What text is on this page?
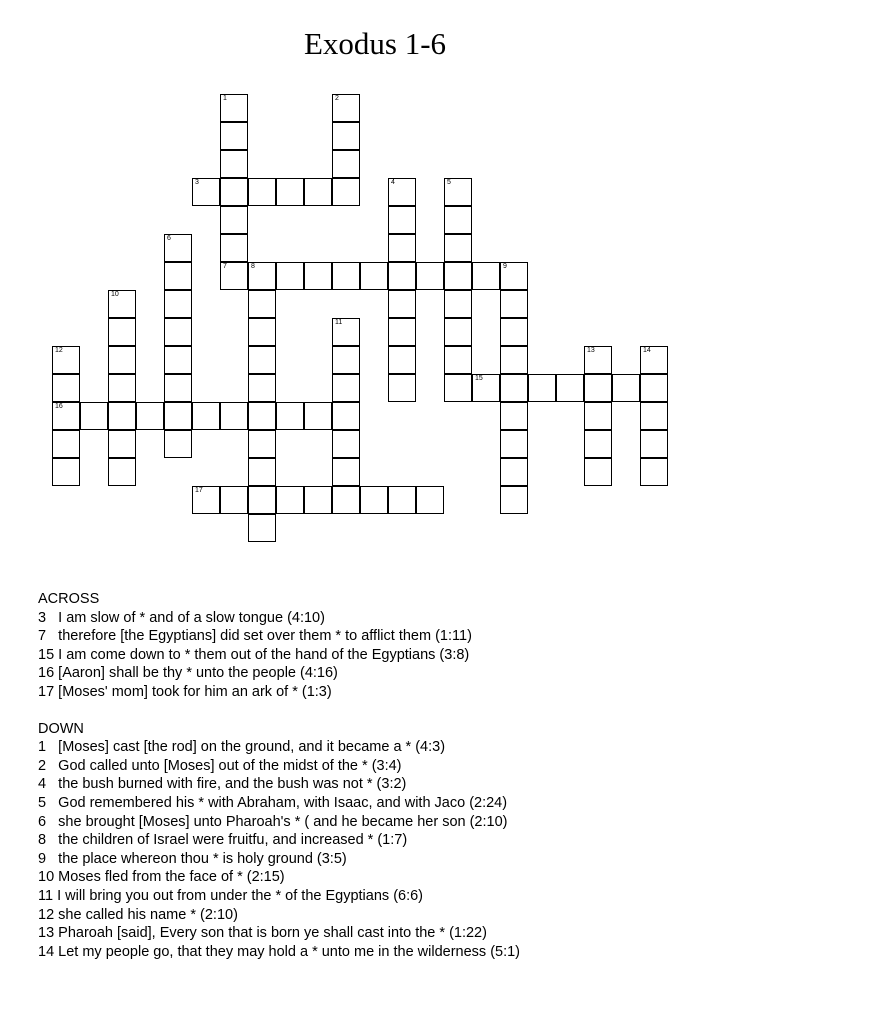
Exodus 1-6
3
7	8	9
15
16
17
1	2
4	5
6
10
11
12	13	14
ACROSS
3   I am slow of * and of a slow tongue (4:10)
7   therefore [the Egyptians] did set over them * to afflict them (1:11)
15 I am come down to * them out of the hand of the Egyptians (3:8)
16 [Aaron] shall be thy * unto the people (4:16)
17 [Moses' mom] took for him an ark of * (1:3)
DOWN
1   [Moses] cast [the rod] on the ground, and it became a * (4:3)
2   God called unto [Moses] out of the midst of the * (3:4)
4   the bush burned with fire, and the bush was not * (3:2)
5   God remembered his * with Abraham, with Isaac, and with Jaco (2:24)
6   she brought [Moses] unto Pharoah's * ( and he became her son (2:10)
8   the children of Israel were fruitfu, and increased * (1:7)
9   the place whereon thou * is holy ground (3:5)
10 Moses fled from the face of * (2:15)
11 I will bring you out from under the * of the Egyptians (6:6)
12 she called his name * (2:10)
13 Pharoah [said], Every son that is born ye shall cast into the * (1:22)
14 Let my people go, that they may hold a * unto me in the wilderness (5:1)
